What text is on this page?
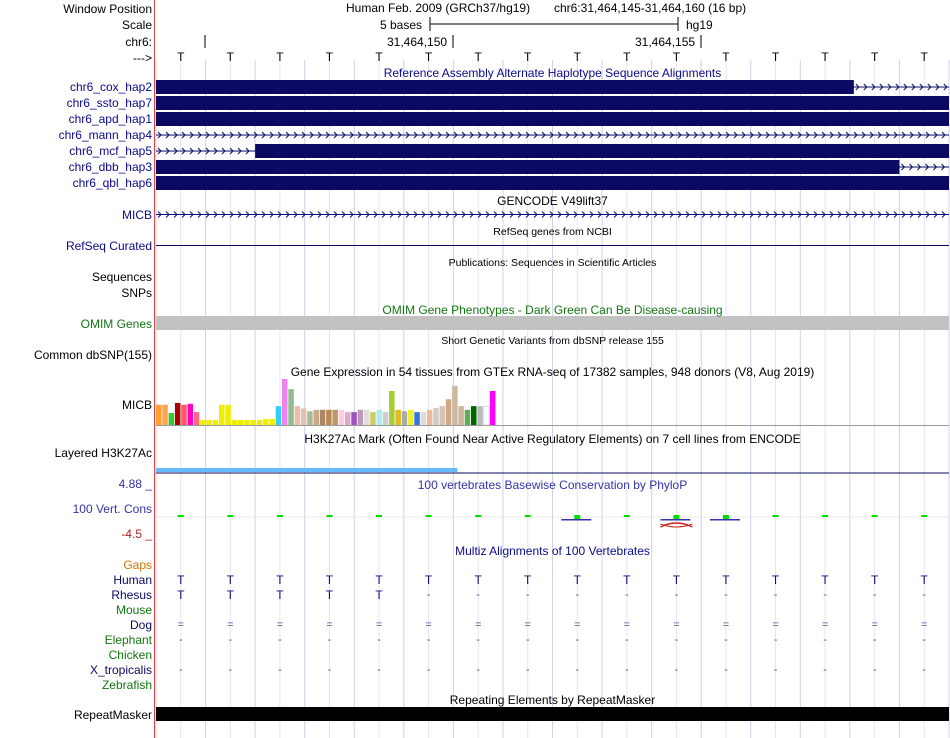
Window Position
Scale
chr6:
--->
Human Feb. 2009 (GRCh37/hg19) chr6:31,464,145-31,464,160 (16 bp)
5 bases	hg19
31,464,150	31,464,155
Reference Assembly Alternate Haplotype Sequence Alignments
GENCODE V49lift37
MICB
RefSeq genes from NCBI
RefSeq Curated
Publications: Sequences in Scientific Articles
Sequences
SNPs
OMIM Gene Phenotypes - Dark Green Can Be Disease-causing
OMIM Genes
Short Genetic Variants from dbSNP release 155
Common dbSNP(155)
Gene Expression in 54 tissues from GTEx RNA-seq of 17382 samples, 948 donors (V8, Aug 2019)
MICB
H3K27Ac Mark (Often Found Near Active Regulatory Elements) on 7 cell lines from ENCODE
Layered H3K27Ac
100 vertebrates Basewise Conservation by PhyloP
4.88 _
100 Vert. Cons
-4.5 _
Multiz Alignments of 100 Vertebrates
Repeating Elements by RepeatMasker
RepeatMasker
T	T	T	T	T	T	T	T	T	T	T	T	T	T	T	T
chr6_cox_hap2
chr6_ssto_hap7
chr6_apd_hap1
chr6_mann_hap4
chr6_mcf_hap5
chr6_dbb_hap3
chr6_qbl_hap6
Gaps
Human T	T	T	T	T	T	T	T	T	T	T	T	T	T	T	T
Rhesus T	T	T	T	T	-	-	-	-	-	-	-	-	-	-	-
Mouse
Dog =	=	=	=	=	=	=	=	=	=	=	=	=	=	=	=
Elephant	-	-	-	-	-	-	-	-	-	-	-	-	-	-	-	-
Chicken
X_tropicalis	-	-	-	-	-	-	-	-	-	-	-	-	-	-	-	-
Zebrafish
